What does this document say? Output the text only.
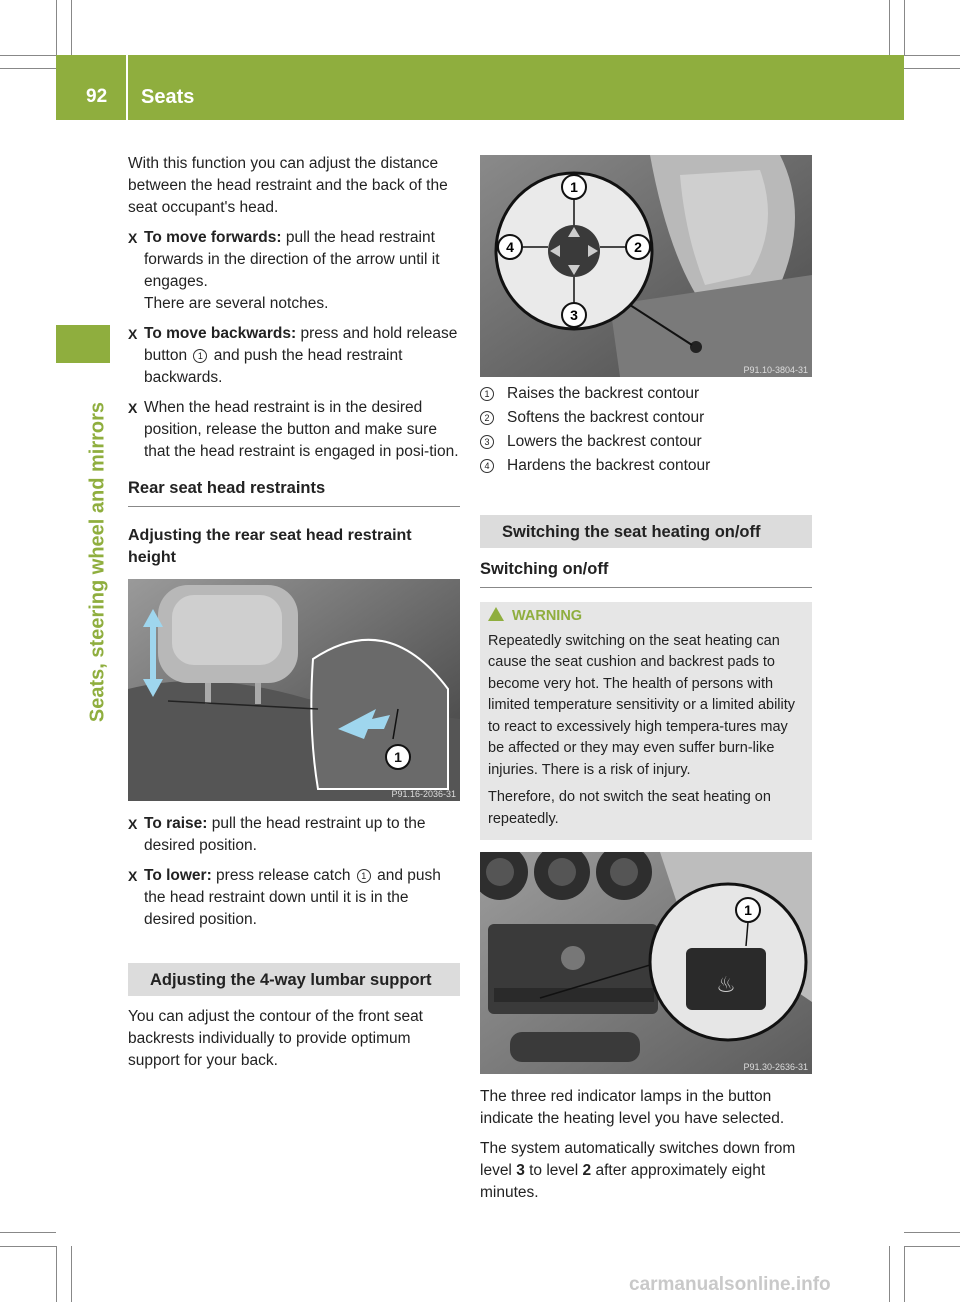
92 Seats
Seats, steering wheel and mirrors

With this function you can adjust the distance between the head restraint and the back of the seat occupant's head.

X To move forwards: pull the head restraint forwards in the direction of the arrow until it engages.
There are several notches.
X To move backwards: press and hold release button 1 and push the head restraint backwards.
X When the head restraint is in the desired position, release the button and make sure that the head restraint is engaged in posi-tion.
Rear seat head restraints
Adjusting the rear seat head restraint height
1
P91.16-2036-31
X To raise: pull the head restraint up to the desired position.
X To lower: press release catch 1 and push the head restraint down until it is in the desired position.
Adjusting the 4-way lumbar support

You can adjust the contour of the front seat backrests individually to provide optimum support for your back.

1
2
3
4
P91.10-3804-31
1 Raises the backrest contour
2 Softens the backrest contour
3 Lowers the backrest contour
4 Hardens the backrest contour
Switching the seat heating on/off
Switching on/off
WARNING

Repeatedly switching on the seat heating can cause the seat cushion and backrest pads to become very hot. The health of persons with limited temperature sensitivity or a limited ability to react to excessively high tempera-tures may be affected or they may even suffer burn-like injuries. There is a risk of injury.

Therefore, do not switch the seat heating on repeatedly.

♨
1
P91.30-2636-31

The three red indicator lamps in the button indicate the heating level you have selected.

The system automatically switches down from level 3 to level 2 after approximately eight minutes.

carmanualsonline.info
